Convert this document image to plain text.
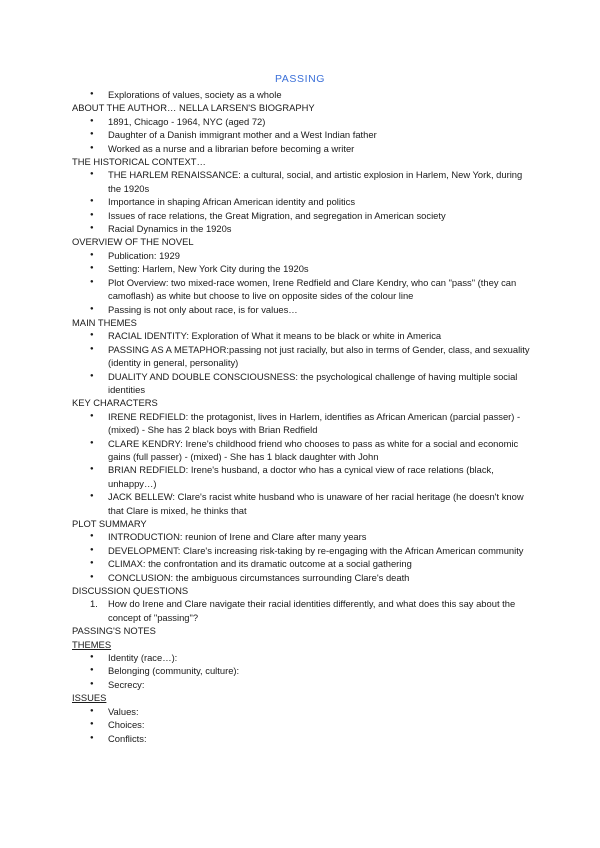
PASSING
● Explorations of values, society as a whole

ABOUT THE AUTHOR… NELLA LARSEN'S BIOGRAPHY

● 1891, Chicago - 1964, NYC (aged 72)
● Daughter of a Danish immigrant mother and a West Indian father
● Worked as a nurse and a librarian before becoming a writer

THE HISTORICAL CONTEXT…

● THE HARLEM RENAISSANCE: a cultural, social, and artistic explosion in Harlem, New York, during the 1920s
● Importance in shaping African American identity and politics
● Issues of race relations, the Great Migration, and segregation in American society
● Racial Dynamics in the 1920s

OVERVIEW OF THE NOVEL

● Publication: 1929
● Setting: Harlem, New York City during the 1920s
● Plot Overview: two mixed-race women, Irene Redfield and Clare Kendry, who can "pass" (they can camoflash) as white but choose to live on opposite sides of the colour line
● Passing is not only about race, is for values…

MAIN THEMES

● RACIAL IDENTITY: Exploration of What it means to be black or white in America
● PASSING AS A METAPHOR:passing not just racially, but also in terms of Gender, class, and sexuality (identity in general, personality)
● DUALITY AND DOUBLE CONSCIOUSNESS: the psychological challenge of having multiple social identities

KEY CHARACTERS

● IRENE REDFIELD: the protagonist, lives in Harlem, identifies as African American (parcial passer) - (mixed) - She has 2 black boys with Brian Redfield
● CLARE KENDRY: Irene's childhood friend who chooses to pass as white for a social and economic gains (full passer) - (mixed) - She has 1 black daughter with John
● BRIAN REDFIELD: Irene's husband, a doctor who has a cynical view of race relations (black, unhappy…)
● JACK BELLEW: Clare's racist white husband who is unaware of her racial heritage (he doesn't know that Clare is mixed, he thinks that

PLOT SUMMARY

● INTRODUCTION: reunion of Irene and Clare after many years
● DEVELOPMENT: Clare's increasing risk-taking by re-engaging with the African American community
● CLIMAX: the confrontation and its dramatic outcome at a social gathering
● CONCLUSION: the ambiguous circumstances surrounding Clare's death

DISCUSSION QUESTIONS

1. How do Irene and Clare navigate their racial identities differently, and what does this say about the concept of "passing"?

PASSING'S NOTES

THEMES

● Identity (race…):
● Belonging (community, culture):
● Secrecy:

ISSUES

● Values:
● Choices:
● Conflicts:
